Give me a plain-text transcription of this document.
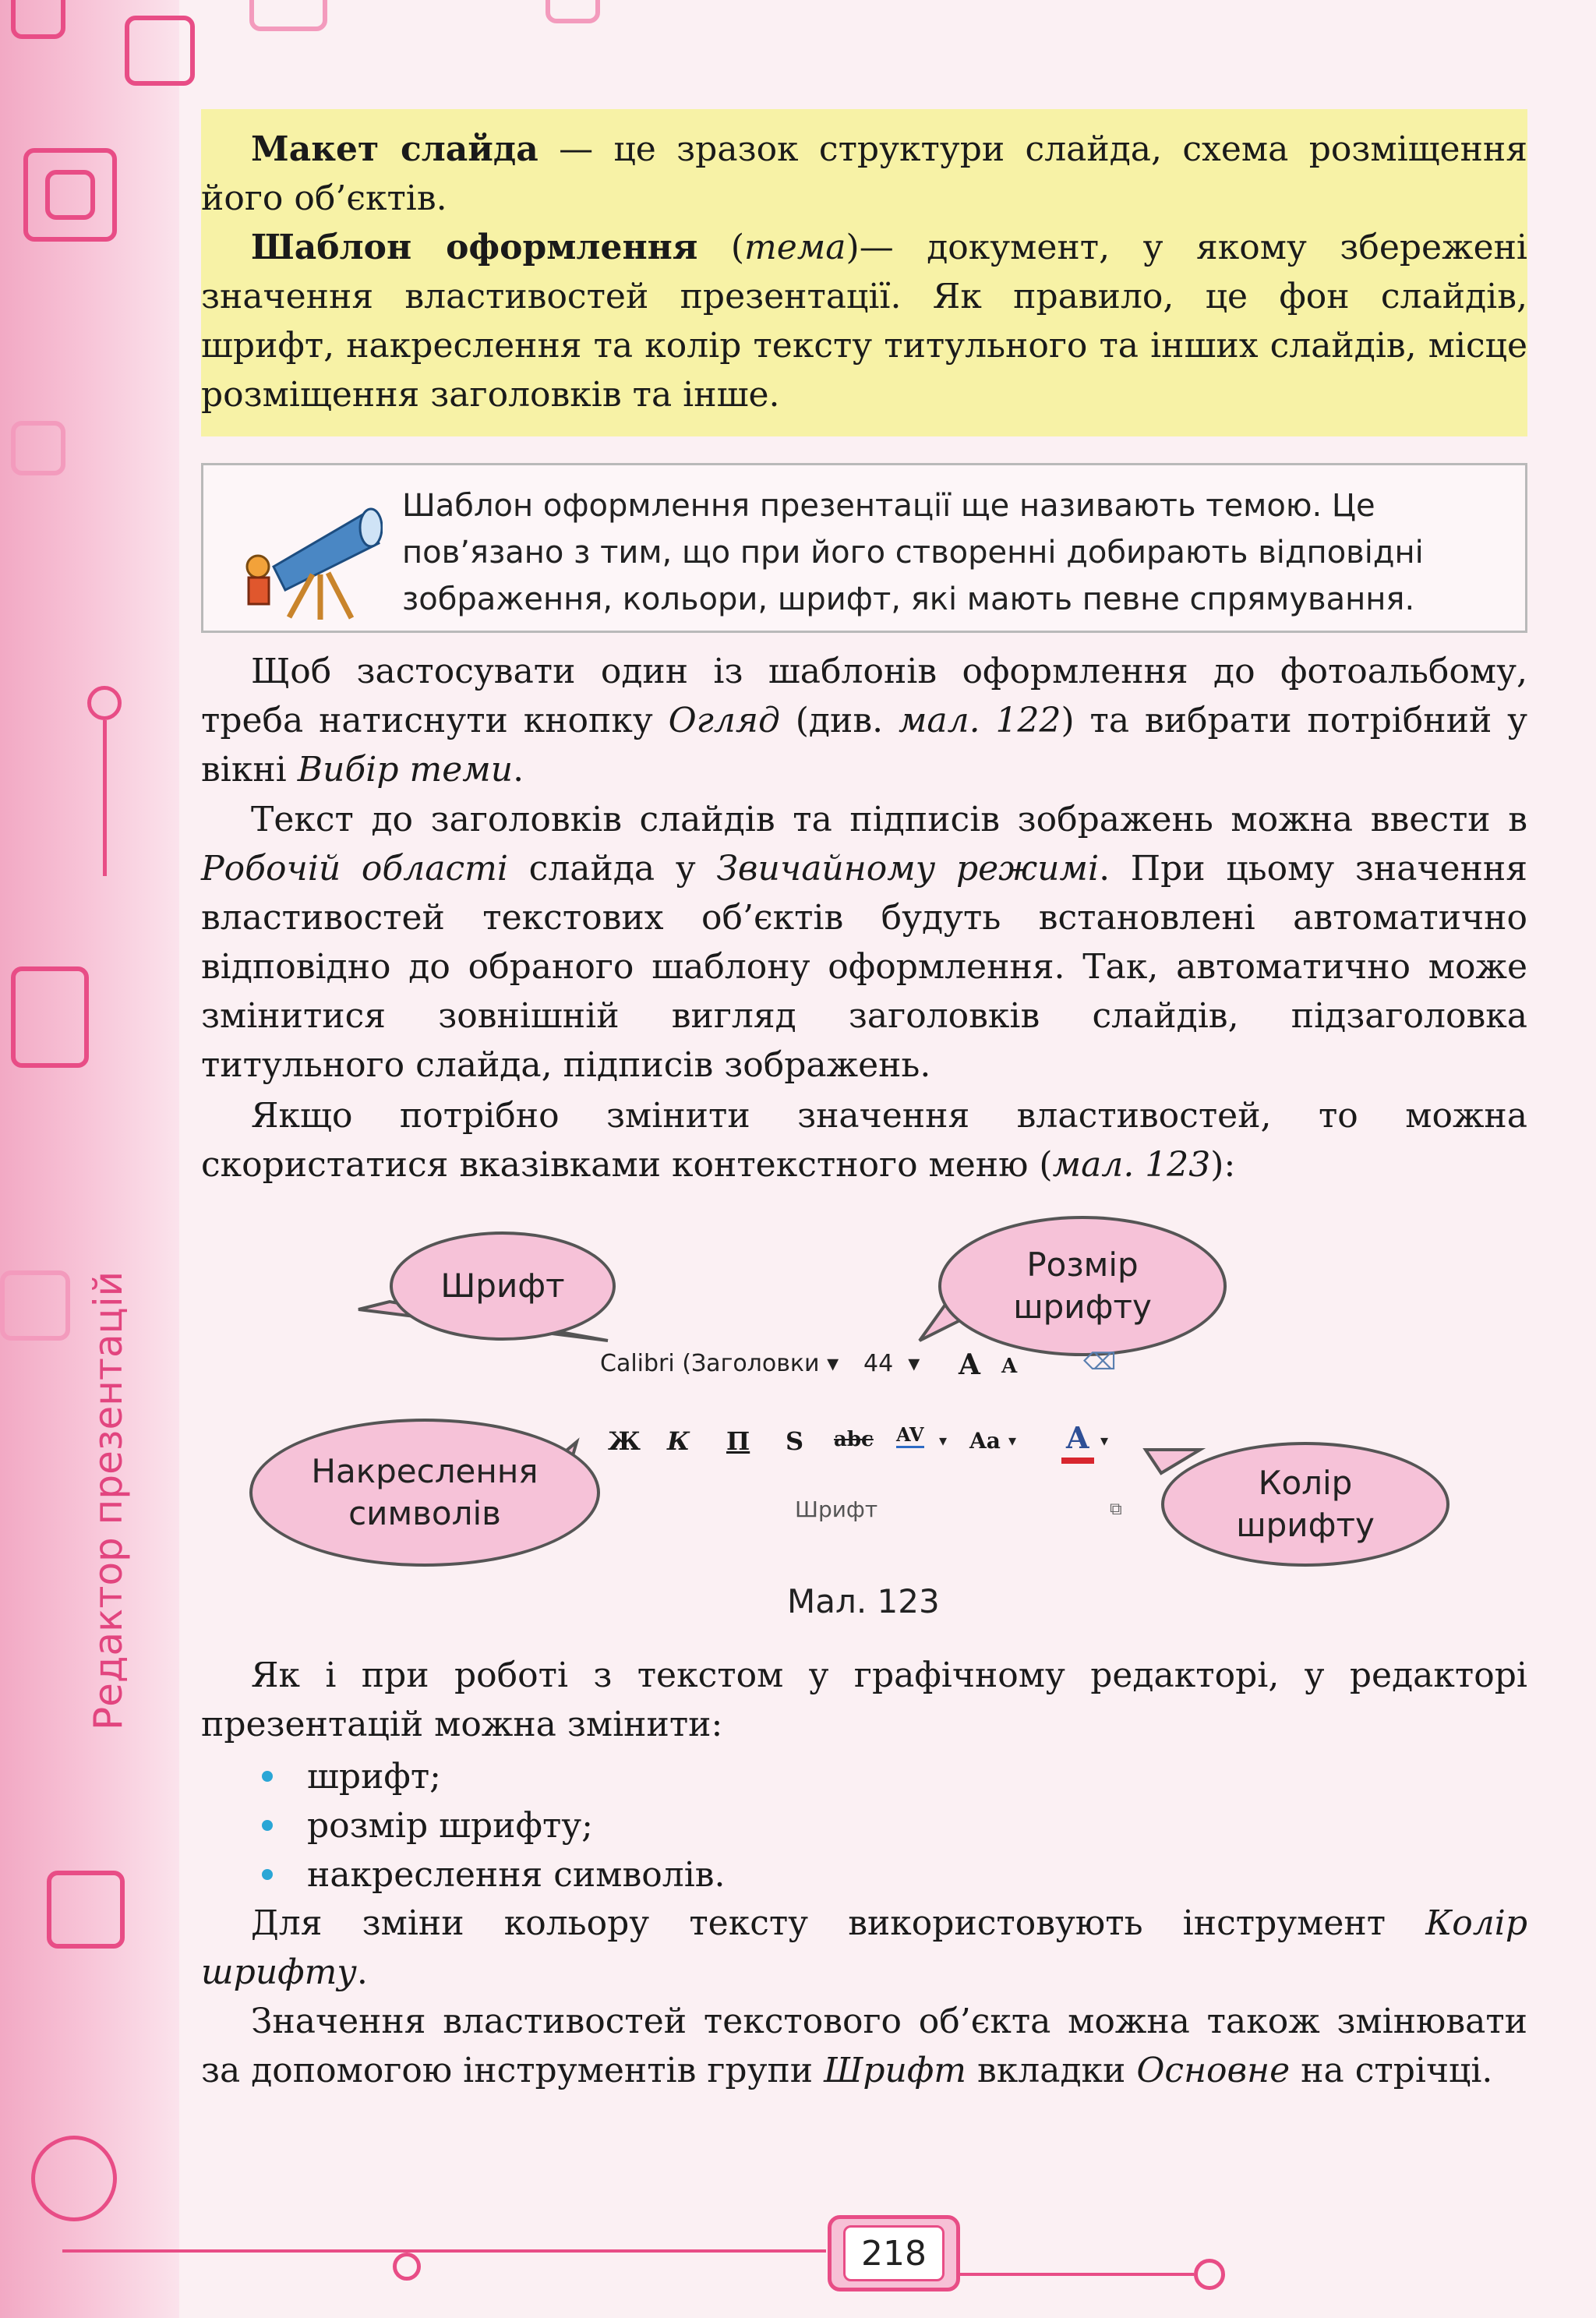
Редактор презентацій

Макет слайда — це зразок структури слайда, схема розміщення його об’єктів.

Шаблон оформлення (тема)— документ, у якому збережені значення властивостей презентації. Як правило, це фон слайдів, шрифт, накреслення та колір тексту титульного та інших слайдів, місце розміщення заголовків та інше.

Шаблон оформлення презентації ще називають темою. Це пов’язано з тим, що при його створенні добирають відповідні зображення, кольори, шрифт, які мають певне спрямування.

Щоб застосувати один із шаблонів оформлення до фотоальбому, треба натиснути кнопку Огляд (див. мал. 122) та вибрати потрібний у вікні Вибір теми.

Текст до заголовків слайдів та підписів зображень можна ввести в Робочій області слайда у Звичайному режимі. При цьому значення властивостей текстових об’єктів будуть встановлені автоматично відповідно до обраного шаблону оформлення. Так, автоматично може змінитися зовнішній вигляд заголовків слайдів, підзаголовка титульного слайда, підписів зображень.

Якщо потрібно змінити значення властивостей, то можна скористатися вказівками контекстного меню (мал. 123):

Шрифт
Розмір шрифту
Накреслення символів
Колір шрифту
Calibri (Заголовки ▾ 44 ▾ A A	⌫
Ж К П S abc AV ▾ Aa ▾ A ▾
Шрифт	⧉
Мал. 123

Як і при роботі з текстом у графічному редакторі, у редакторі презентацій можна змінити:

шрифт;
розмір шрифту;
накреслення символів.

Для зміни кольору тексту використовують інструмент Колір шрифту.

Значення властивостей текстового об’єкта можна також змінювати за допомогою інструментів групи Шрифт вкладки Основне на стрічці.

218
